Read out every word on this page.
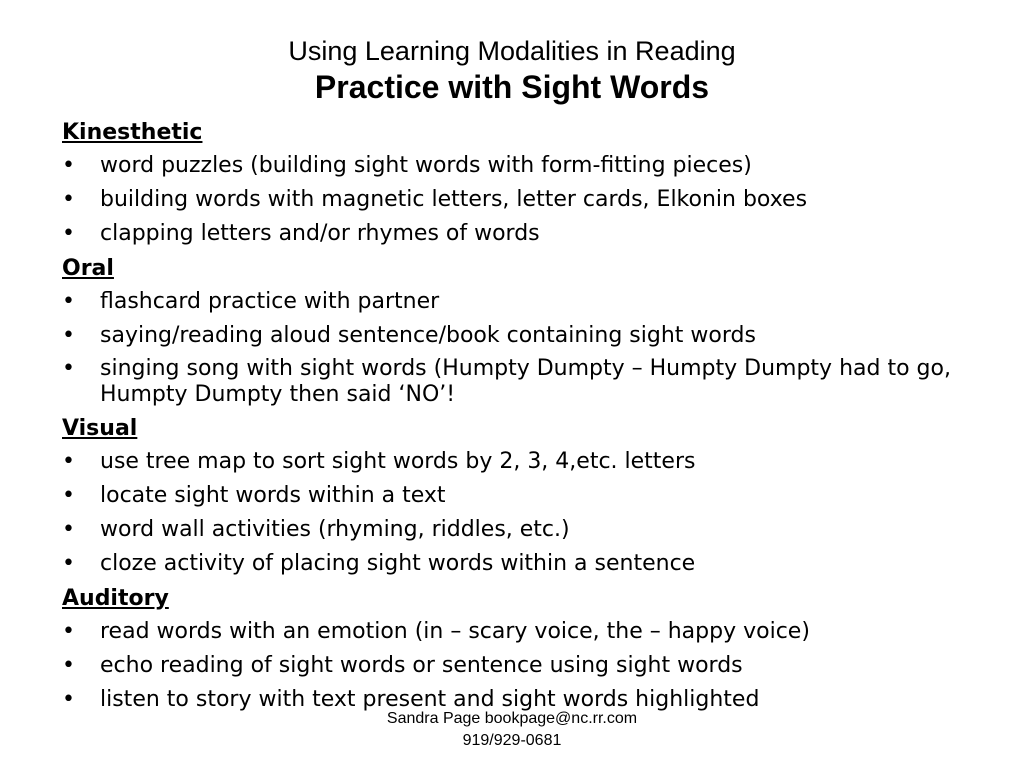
Using Learning Modalities in Reading
Practice with Sight Words
Kinesthetic
• word puzzles (building sight words with form-fitting pieces)
• building words with magnetic letters, letter cards, Elkonin boxes
• clapping letters and/or rhymes of words
Oral
• flashcard practice with partner
• saying/reading aloud sentence/book containing sight words
• singing song with sight words (Humpty Dumpty – Humpty Dumpty had to go, Humpty Dumpty then said ‘NO’!
Visual
• use tree map to sort sight words by 2, 3, 4,etc. letters
• locate sight words within a text
• word wall activities (rhyming, riddles, etc.)
• cloze activity of placing sight words within a sentence
Auditory
• read words with an emotion (in – scary voice, the – happy voice)
• echo reading of sight words or sentence using sight words
• listen to story with text present and sight words highlighted
Sandra Page bookpage@nc.rr.com
919/929-0681
